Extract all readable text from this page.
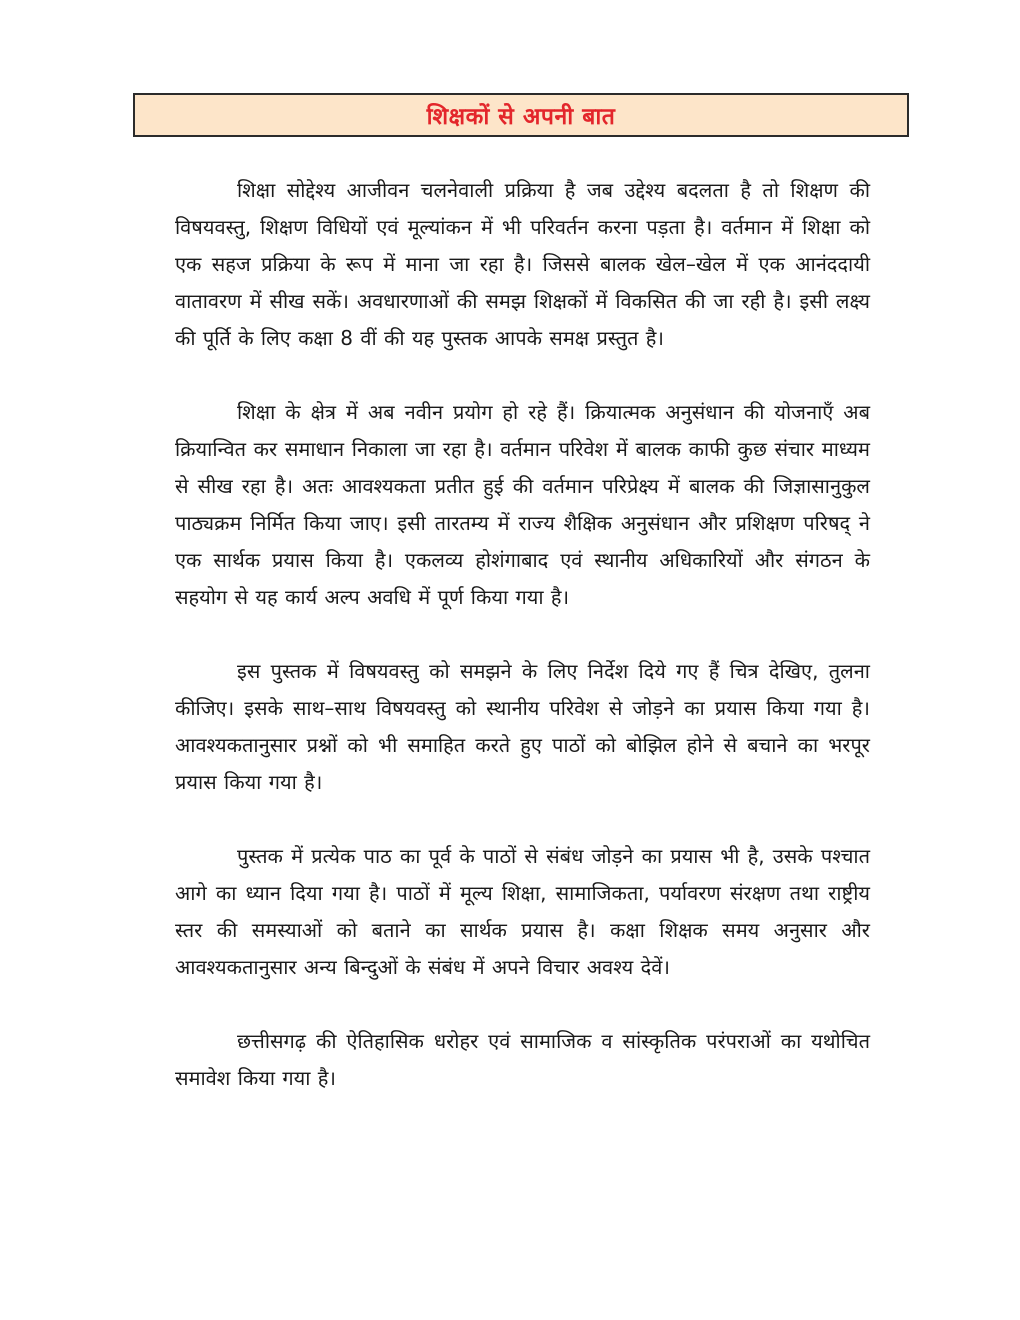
शिक्षकों से अपनी बात

शिक्षा सोद्देश्य आजीवन चलनेवाली प्रक्रिया है जब उद्देश्य बदलता है तो शिक्षण की विषयवस्तु, शिक्षण विधियों एवं मूल्यांकन में भी परिवर्तन करना पड़ता है। वर्तमान में शिक्षा को एक सहज प्रक्रिया के रूप में माना जा रहा है। जिससे बालक खेल–खेल में एक आनंददायी वातावरण में सीख सकें। अवधारणाओं की समझ शिक्षकों में विकसित की जा रही है। इसी लक्ष्य की पूर्ति के लिए कक्षा 8 वीं की यह पुस्तक आपके समक्ष प्रस्तुत है।

शिक्षा के क्षेत्र में अब नवीन प्रयोग हो रहे हैं। क्रियात्मक अनुसंधान की योजनाएँ अब क्रियान्वित कर समाधान निकाला जा रहा है। वर्तमान परिवेश में बालक काफी कुछ संचार माध्यम से सीख रहा है। अतः आवश्यकता प्रतीत हुई की वर्तमान परिप्रेक्ष्य में बालक की जिज्ञासानुकुल पाठ्यक्रम निर्मित किया जाए। इसी तारतम्य में राज्य शैक्षिक अनुसंधान और प्रशिक्षण परिषद् ने एक सार्थक प्रयास किया है। एकलव्य होशंगाबाद एवं स्थानीय अधिकारियों और संगठन के सहयोग से यह कार्य अल्प अवधि में पूर्ण किया गया है।

इस पुस्तक में विषयवस्तु को समझने के लिए निर्देश दिये गए हैं चित्र देखिए, तुलना कीजिए। इसके साथ–साथ विषयवस्तु को स्थानीय परिवेश से जोड़ने का प्रयास किया गया है। आवश्यकतानुसार प्रश्नों को भी समाहित करते हुए पाठों को बोझिल होने से बचाने का भरपूर प्रयास किया गया है।

पुस्तक में प्रत्येक पाठ का पूर्व के पाठों से संबंध जोड़ने का प्रयास भी है, उसके पश्चात आगे का ध्यान दिया गया है। पाठों में मूल्य शिक्षा, सामाजिकता, पर्यावरण संरक्षण तथा राष्ट्रीय स्तर की समस्याओं को बताने का सार्थक प्रयास है। कक्षा शिक्षक समय अनुसार और आवश्यकतानुसार अन्य बिन्दुओं के संबंध में अपने विचार अवश्य देवें।

छत्तीसगढ़ की ऐतिहासिक धरोहर एवं सामाजिक व सांस्कृतिक परंपराओं का यथोचित समावेश किया गया है।
